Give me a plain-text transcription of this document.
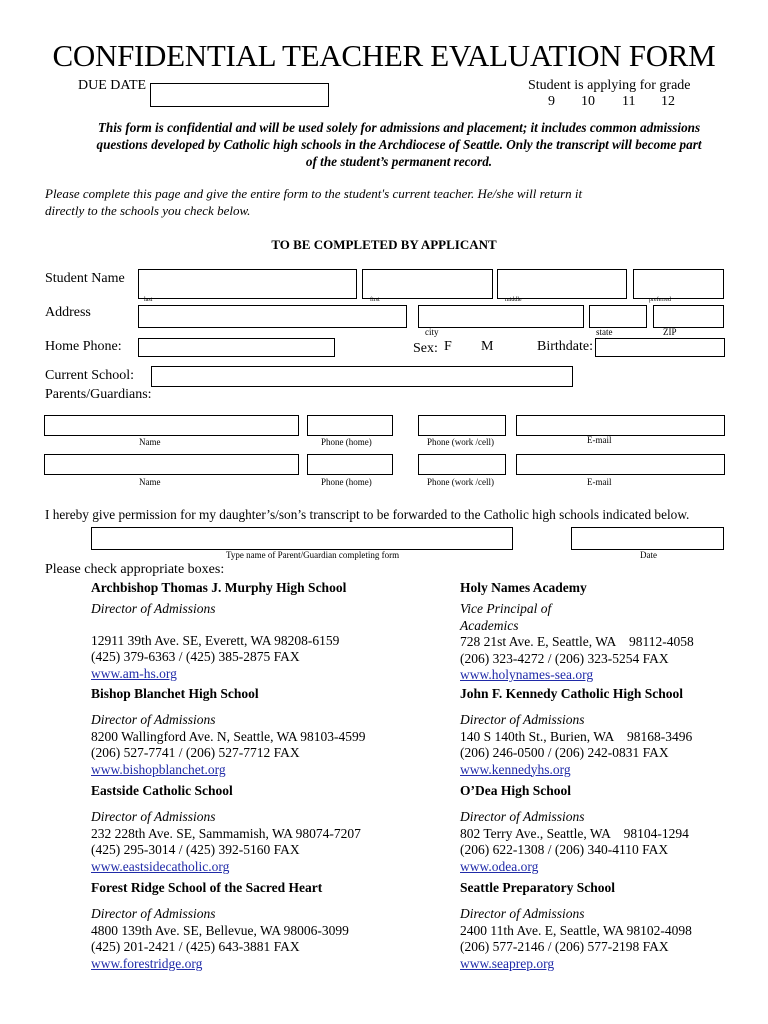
CONFIDENTIAL TEACHER EVALUATION FORM
DUE DATE	Student is applying for grade
9 10 11 12
This form is confidential and will be used solely for admissions and placement; it includes common admissions questions developed by Catholic high schools in the Archdiocese of Seattle. Only the transcript will become part of the student’s permanent record.
Please complete this page and give the entire form to the student's current teacher. He/she will return it
directly to the schools you check below.
TO BE COMPLETED BY APPLICANT
Student Name
last	first	middle	preferred
Address
city	state	ZIP
Home Phone:	Sex: F M	Birthdate:
Current School:
Parents/Guardians:
Name	Phone (home)	Phone (work /cell)	E-mail
Name	Phone (home)	Phone (work /cell)	E-mail
I hereby give permission for my daughter’s/son’s transcript to be forwarded to the Catholic high schools indicated below.
Type name of Parent/Guardian completing form	Date
Please check appropriate boxes:
Archbishop Thomas J. Murphy High School
Director of Admissions
12911 39th Ave. SE, Everett, WA 98208-6159
(425) 379-6363 / (425) 385-2875 FAX
www.am-hs.org
Bishop Blanchet High School
Director of Admissions
8200 Wallingford Ave. N, Seattle, WA 98103-4599
(206) 527-7741 / (206) 527-7712 FAX
www.bishopblanchet.org
Eastside Catholic School
Director of Admissions
232 228th Ave. SE, Sammamish, WA 98074-7207
(425) 295-3014 / (425) 392-5160 FAX
www.eastsidecatholic.org
Forest Ridge School of the Sacred Heart
Director of Admissions
4800 139th Ave. SE, Bellevue, WA 98006-3099
(425) 201-2421 / (425) 643-3881 FAX
www.forestridge.org
Holy Names Academy
Vice Principal of
Academics
728 21st Ave. E, Seattle, WA    98112-4058
(206) 323-4272 / (206) 323-5254 FAX
www.holynames-sea.org
John F. Kennedy Catholic High School
Director of Admissions
140 S 140th St., Burien, WA    98168-3496
(206) 246-0500 / (206) 242-0831 FAX
www.kennedyhs.org
O’Dea High School
Director of Admissions
802 Terry Ave., Seattle, WA    98104-1294
(206) 622-1308 / (206) 340-4110 FAX
www.odea.org
Seattle Preparatory School
Director of Admissions
2400 11th Ave. E, Seattle, WA 98102-4098
(206) 577-2146 / (206) 577-2198 FAX
www.seaprep.org
